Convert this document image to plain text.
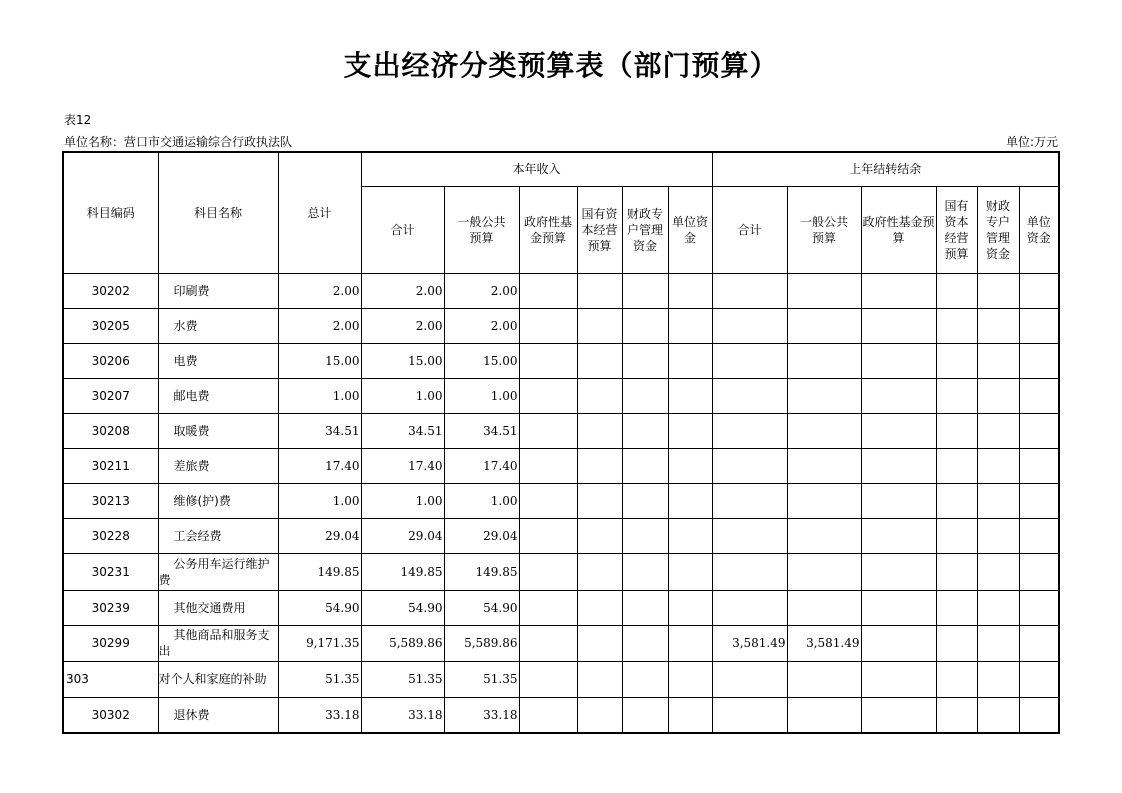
支出经济分类预算表（部门预算）
表12
单位名称：营口市交通运输综合行政执法队	单位:万元
科目编码	科目名称	总计	本年收入						上年结转结余					
			合计	一般公共预算	政府性基金预算	国有资本经营预算	财政专户管理资金	单位资金	合计	一般公共预算	政府性基金预算	国有资本经营预算	财政专户管理资金	单位资金
30202	印刷费	2.00	2.00	2.00										
30205	水费	2.00	2.00	2.00										
30206	电费	15.00	15.00	15.00										
30207	邮电费	1.00	1.00	1.00										
30208	取暖费	34.51	34.51	34.51										
30211	差旅费	17.40	17.40	17.40										
30213	维修(护)费	1.00	1.00	1.00										
30228	工会经费	29.04	29.04	29.04										
30231	公务用车运行维护费	149.85	149.85	149.85										
30239	其他交通费用	54.90	54.90	54.90										
30299	其他商品和服务支出	9,171.35	5,589.86	5,589.86					3,581.49	3,581.49				
303	对个人和家庭的补助	51.35	51.35	51.35										
30302	退休费	33.18	33.18	33.18										
